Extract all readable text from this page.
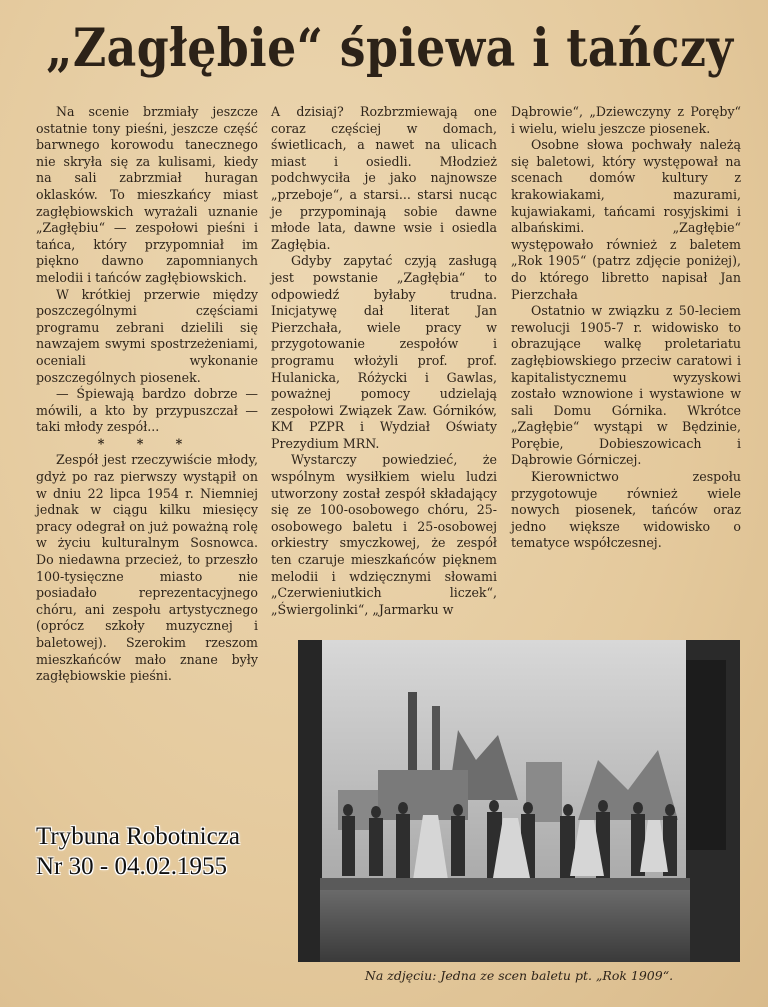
„Zagłębie“ śpiewa i tańczy

Na scenie brzmiały jeszcze ostatnie tony pieśni, jeszcze część barwnego korowodu tanecznego nie skryła się za kulisami, kiedy na sali zabrzmiał huragan oklasków. To mieszkańcy miast zagłębiowskich wyrażali uznanie „Zagłębiu“ — zespołowi pieśni i tańca, który przypomniał im piękno dawno zapomnianych melodii i tańców zagłębiowskich.

W krótkiej przerwie między poszczególnymi częściami programu zebrani dzielili się nawzajem swymi spostrzeżeniami, oceniali wykonanie poszczególnych piosenek.

— Śpiewają bardzo dobrze — mówili, a kto by przypuszczał — taki młody zespół...

* * *

Zespół jest rzeczywiście młody, gdyż po raz pierwszy wystąpił on w dniu 22 lipca 1954 r. Niemniej jednak w ciągu kilku miesięcy pracy odegrał on już poważną rolę w życiu kulturalnym Sosnowca. Do niedawna przecież, to przeszło 100-tysięczne miasto nie posiadało reprezentacyjnego chóru, ani zespołu artystycznego (oprócz szkoły muzycznej i baletowej). Szerokim rzeszom mieszkańców mało znane były zagłębiowskie pieśni.

A dzisiaj? Rozbrzmiewają one coraz częściej w domach, świetlicach, a nawet na ulicach miast i osiedli. Młodzież podchwyciła je jako najnowsze „przeboje“, a starsi... starsi nucąc je przypominają sobie dawne młode lata, dawne wsie i osiedla Zagłębia.

Gdyby zapytać czyją zasługą jest powstanie „Zagłębia“ to odpowiedź byłaby trudna. Inicjatywę dał literat Jan Pierzchała, wiele pracy w przygotowanie zespołów i programu włożyli prof. prof. Hulanicka, Różycki i Gawlas, poważnej pomocy udzielają zespołowi Związek Zaw. Górników, KM PZPR i Wydział Oświaty Prezydium MRN.

Wystarczy powiedzieć, że wspólnym wysiłkiem wielu ludzi utworzony został zespół składający się ze 100-osobowego chóru, 25-osobowego baletu i 25-osobowej orkiestry smyczkowej, że zespół ten czaruje mieszkańców pięknem melodii i wdzięcznymi słowami „Czerwieniutkich liczek“, „Świergolinki“, „Jarmarku w

Dąbrowie“, „Dziewczyny z Poręby“ i wielu, wielu jeszcze piosenek.

Osobne słowa pochwały należą się baletowi, który występował na scenach domów kultury z krakowiakami, mazurami, kujawiakami, tańcami rosyjskimi i albańskimi. „Zagłębie“ występowało również z baletem „Rok 1905“ (patrz zdjęcie poniżej), do którego libretto napisał Jan Pierzchała

Ostatnio w związku z 50-leciem rewolucji 1905-7 r. widowisko to obrazujące walkę proletariatu zagłębiowskiego przeciw caratowi i kapitalistycznemu wyzyskowi zostało wznowione i wystawione w sali Domu Górnika. Wkrótce „Zagłębie“ wystąpi w Będzinie, Porębie, Dobieszowicach i Dąbrowie Górniczej.

Kierownictwo zespołu przygotowuje również wiele nowych piosenek, tańców oraz jedno większe widowisko o tematyce współczesnej.

Na zdjęciu: Jedna ze scen baletu pt. „Rok 1909“.
Trybuna Robotnicza
Nr 30 - 04.02.1955
